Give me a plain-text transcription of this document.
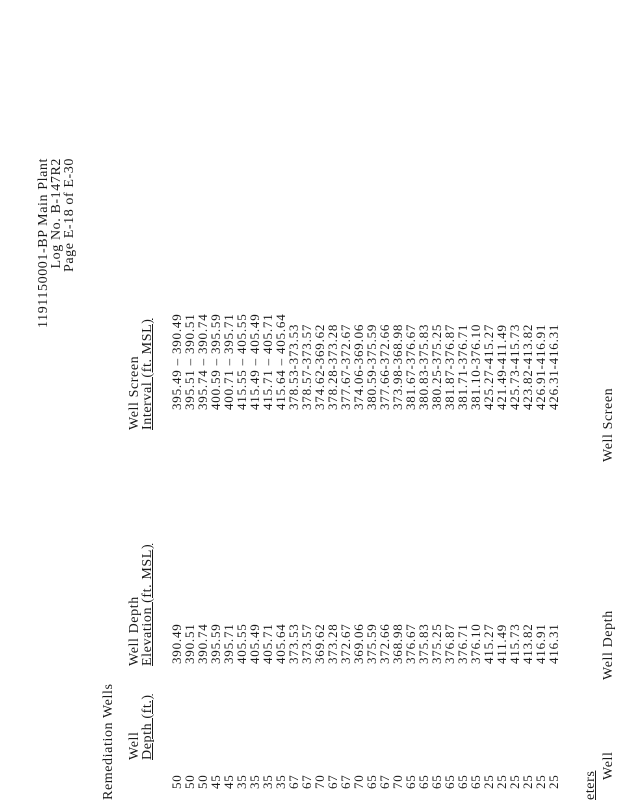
1191150001-BP Main Plant
Log No. B-147R2
Page E-18 of E-30
Remediation Wells Well
Depth (ft.)
Well Depth
Elevation (ft. MSL)
Well Screen
Interval (ft. MSL)
50
50
50
45
45
35
35
35
35
67
67
70
67
67
70
65
67
70
65
65
65
65
65
65
25
25
25
25
25
25
390.49
390.51
390.74
395.59
395.71
405.55
405.49
405.71
405.64
373.53
373.57
369.62
373.28
372.67
369.06
375.59
372.66
368.98
376.67
375.83
375.25
376.87
376.71
376.10
415.27
411.49
415.73
413.82
416.91
416.31
395.49 – 390.49
395.51 – 390.51
395.74 – 390.74
400.59 – 395.59
400.71 – 395.71
415.55 – 405.55
415.49 – 405.49
415.71 – 405.71
415.64 – 405.64
378.53-373.53
378.57-373.57
374.62-369.62
378.28-373.28
377.67-372.67
374.06-369.06
380.59-375.59
377.66-372.66
373.98-368.98
381.67-376.67
380.83-375.83
380.25-375.25
381.87-376.87
381.71-376.71
381.10-376.10
425.27-415.27
421.49-411.49
425.73-415.73
423.82-413.82
426.91-416.91
426.31-416.31
eters
Well
Well Depth
Well Screen
